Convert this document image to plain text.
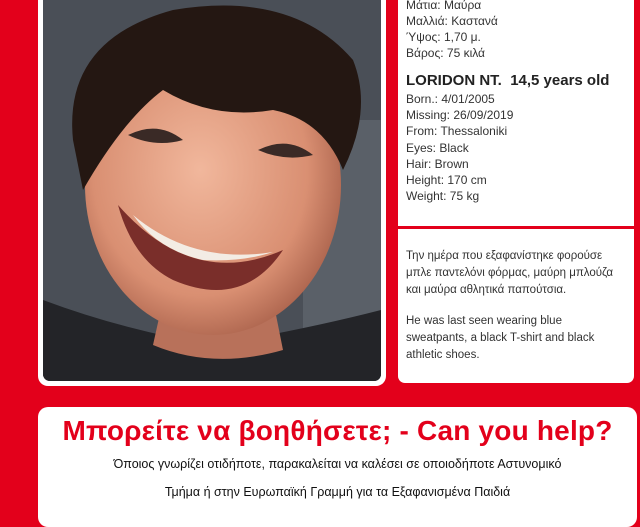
Μάτια: Μαύρα
Μαλλιά: Καστανά
Ύψος: 1,70 μ.
Βάρος: 75 κιλά
LORIDON NT. 14,5 years old
Born.: 4/01/2005
Missing: 26/09/2019
From: Thessaloniki
Eyes: Black
Hair: Brown
Height: 170 cm
Weight: 75 kg
Την ημέρα που εξαφανίστηκε φορούσε μπλε παντελόνι φόρμας, μαύρη μπλούζα και μαύρα αθλητικά παπούτσια.
He was last seen wearing blue sweatpants, a black T-shirt and black athletic shoes.
Μπορείτε να βοηθήσετε; - Can you help?
Όποιος γνωρίζει οτιδήποτε, παρακαλείται να καλέσει σε οποιοδήποτε Αστυνομικό
Τμήμα ή στην Ευρωπαϊκή Γραμμή για τα Εξαφανισμένα Παιδιά
